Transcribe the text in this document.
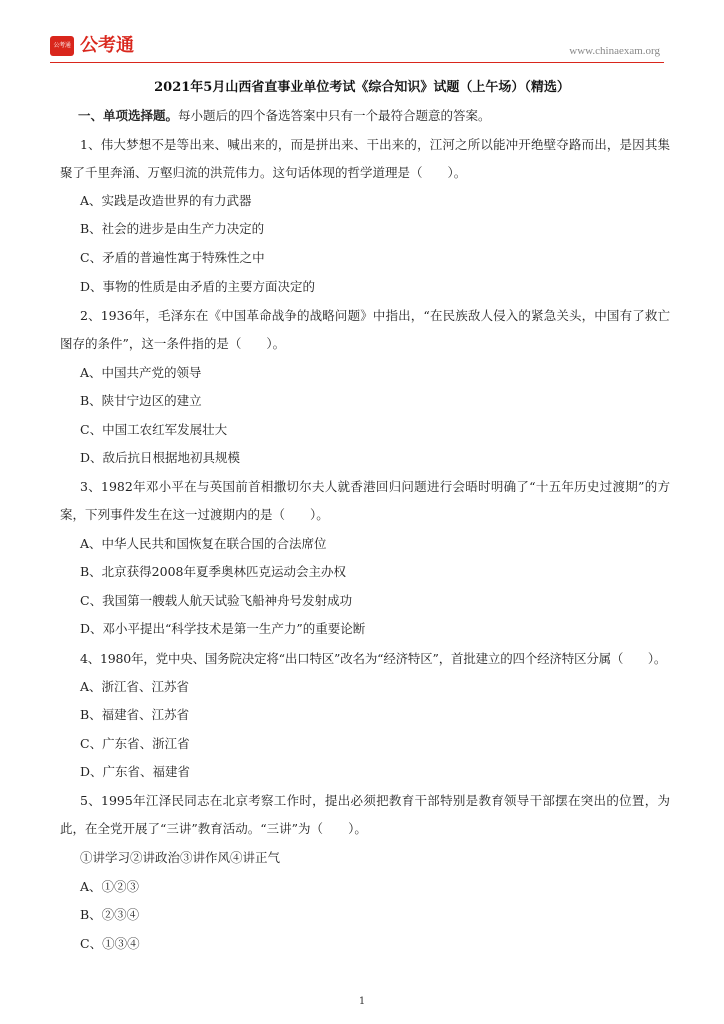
公考通 公考通	www.chinaexam.org
2021年5月山西省直事业单位考试《综合知识》试题（上午场）（精选）
一、单项选择题。每小题后的四个备选答案中只有一个最符合题意的答案。
1、伟大梦想不是等出来、喊出来的，而是拼出来、干出来的，江河之所以能冲开绝壁夺路而出，是因其集聚了千里奔涌、万壑归流的洪荒伟力。这句话体现的哲学道理是（　　）。
A、实践是改造世界的有力武器
B、社会的进步是由生产力决定的
C、矛盾的普遍性寓于特殊性之中
D、事物的性质是由矛盾的主要方面决定的
2、1936年，毛泽东在《中国革命战争的战略问题》中指出，“在民族敌人侵入的紧急关头，中国有了救亡图存的条件”，这一条件指的是（　　）。
A、中国共产党的领导
B、陕甘宁边区的建立
C、中国工农红军发展壮大
D、敌后抗日根据地初具规模
3、1982年邓小平在与英国前首相撒切尔夫人就香港回归问题进行会晤时明确了“十五年历史过渡期”的方案，下列事件发生在这一过渡期内的是（　　）。
A、中华人民共和国恢复在联合国的合法席位
B、北京获得2008年夏季奥林匹克运动会主办权
C、我国第一艘载人航天试验飞船神舟号发射成功
D、邓小平提出“科学技术是第一生产力”的重要论断
4、1980年，党中央、国务院决定将“出口特区”改名为“经济特区”，首批建立的四个经济特区分属（　　）。
A、浙江省、江苏省
B、福建省、江苏省
C、广东省、浙江省
D、广东省、福建省
5、1995年江泽民同志在北京考察工作时，提出必须把教育干部特别是教育领导干部摆在突出的位置，为此，在全党开展了“三讲”教育活动。“三讲”为（　　）。
①讲学习②讲政治③讲作风④讲正气
A、①②③
B、②③④
C、①③④
1
